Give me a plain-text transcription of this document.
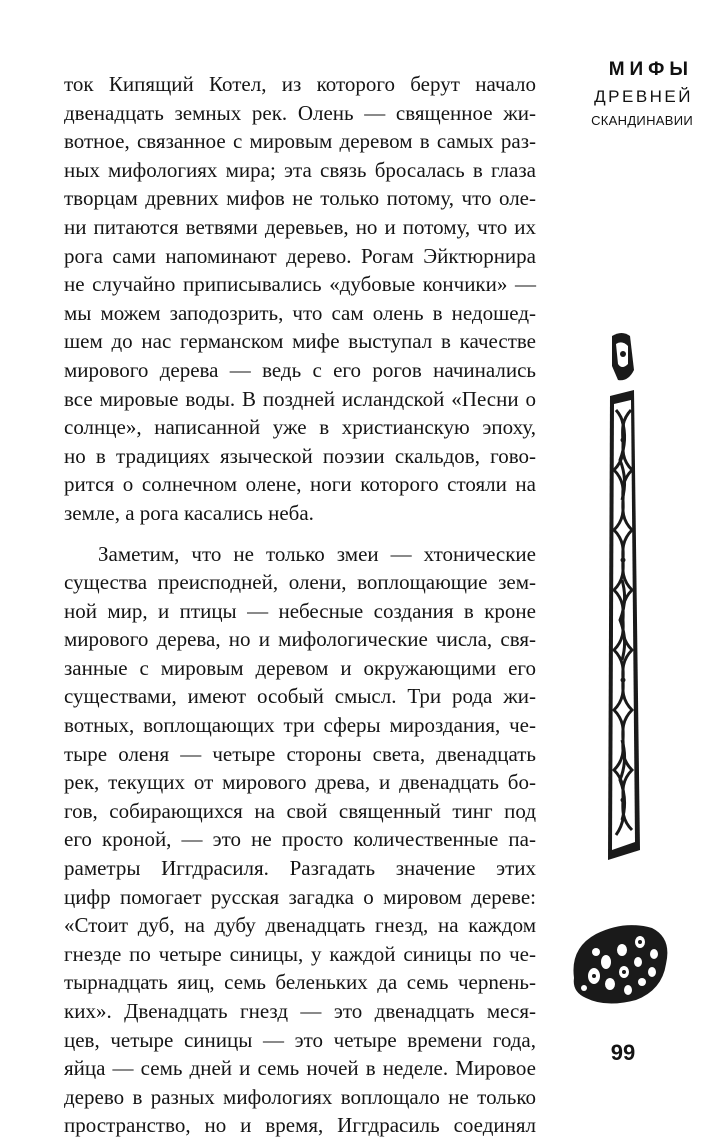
МИФЫ
ДРЕВНЕЙ
СКАНДИНАВИИ
ток Кипящий Котел, из которого берут начало
двенадцать земных рек. Олень — священное жи-
вотное, связанное с мировым деревом в самых раз-
ных мифологиях мира; эта связь бросалась в глаза
творцам древних мифов не только потому, что оле-
ни питаются ветвями деревьев, но и потому, что их
рога сами напоминают дерево. Рогам Эйктюрнира
не случайно приписывались «дубовые кончики» —
мы можем заподозрить, что сам олень в недошед-
шем до нас германском мифе выступал в качестве
мирового дерева — ведь с его рогов начинались
все мировые воды. В поздней исландской «Песни о
солнце», написанной уже в христианскую эпоху,
но в традициях языческой поэзии скальдов, гово-
рится о солнечном олене, ноги которого стояли на
земле, а рога касались неба.
Заметим, что не только змеи — хтонические
существа преисподней, олени, воплощающие зем-
ной мир, и птицы — небесные создания в кроне
мирового дерева, но и мифологические числа, свя-
занные с мировым деревом и окружающими его
существами, имеют особый смысл. Три рода жи-
вотных, воплощающих три сферы мироздания, че-
тыре оленя — четыре стороны света, двенадцать
рек, текущих от мирового древа, и двенадцать бо-
гов, собирающихся на свой священный тинг под
его кроной, — это не просто количественные па-
раметры Иггдрасиля. Разгадать значение этих
цифр помогает русская загадка о мировом дереве:
«Стоит дуб, на дубу двенадцать гнезд, на каждом
гнезде по четыре синицы, у каждой синицы по че-
тырнадцать яиц, семь беленьких да семь черneнь-
ких». Двенадцать гнезд — это двенадцать меся-
цев, четыре синицы — это четыре времени года,
яйца — семь дней и семь ночей в неделе. Мировое
дерево в разных мифологиях воплощало не только
пространство, но и время, Иггдрасиль соединял
99
